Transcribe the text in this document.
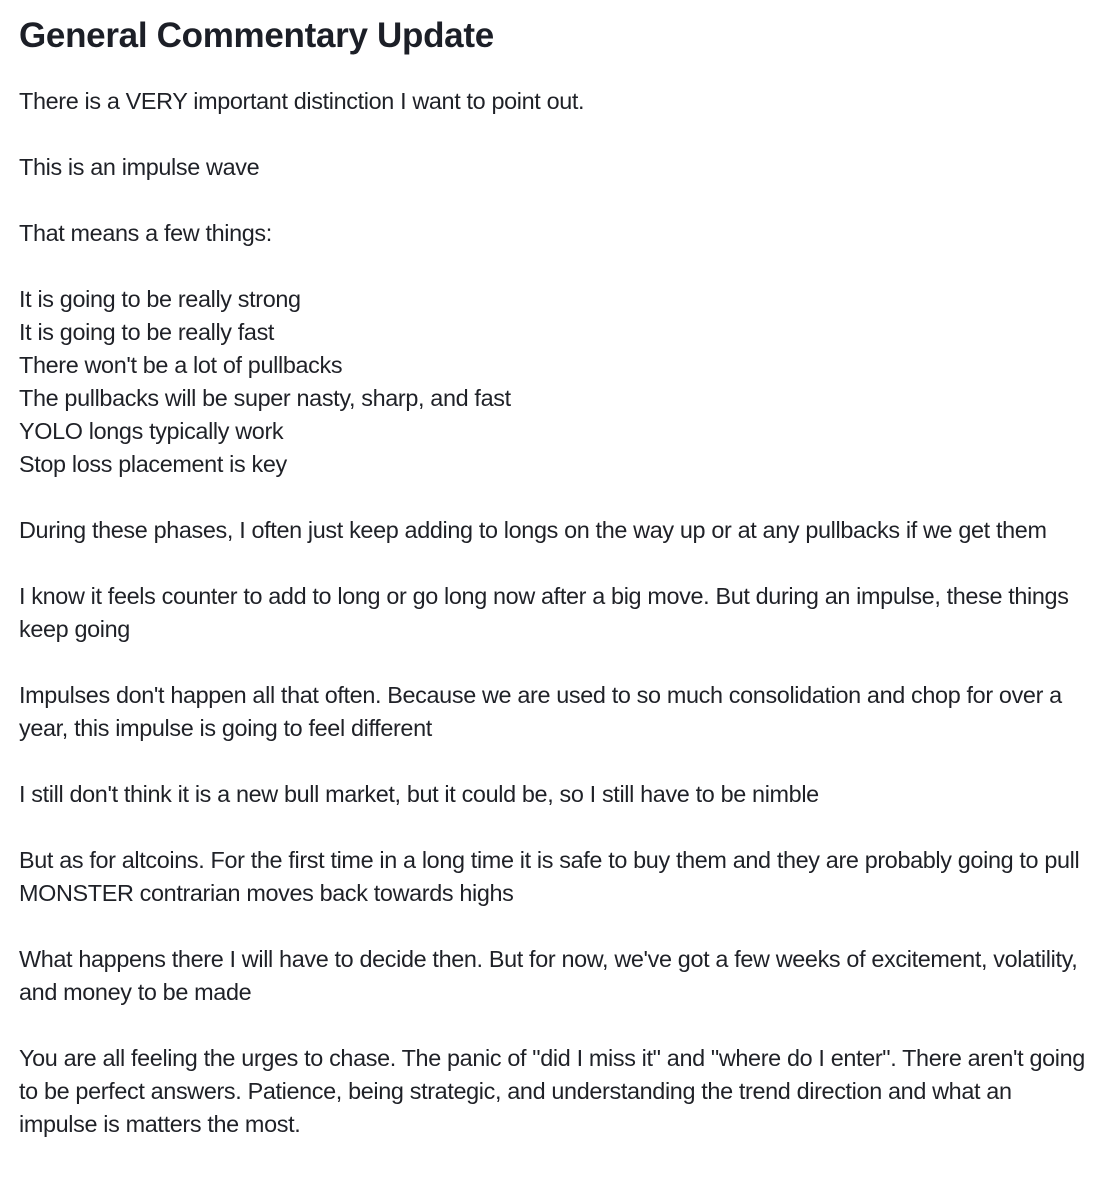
General Commentary Update

There is a VERY important distinction I want to point out.

This is an impulse wave

That means a few things:

It is going to be really strong
It is going to be really fast
There won't be a lot of pullbacks
The pullbacks will be super nasty, sharp, and fast
YOLO longs typically work
Stop loss placement is key

During these phases, I often just keep adding to longs on the way up or at any pullbacks if we get them

I know it feels counter to add to long or go long now after a big move. But during an impulse, these things keep going

Impulses don't happen all that often. Because we are used to so much consolidation and chop for over a year, this impulse is going to feel different

I still don't think it is a new bull market, but it could be, so I still have to be nimble

But as for altcoins. For the first time in a long time it is safe to buy them and they are probably going to pull MONSTER contrarian moves back towards highs

What happens there I will have to decide then. But for now, we've got a few weeks of excitement, volatility, and money to be made

You are all feeling the urges to chase. The panic of "did I miss it" and "where do I enter". There aren't going to be perfect answers. Patience, being strategic, and understanding the trend direction and what an impulse is matters the most.
